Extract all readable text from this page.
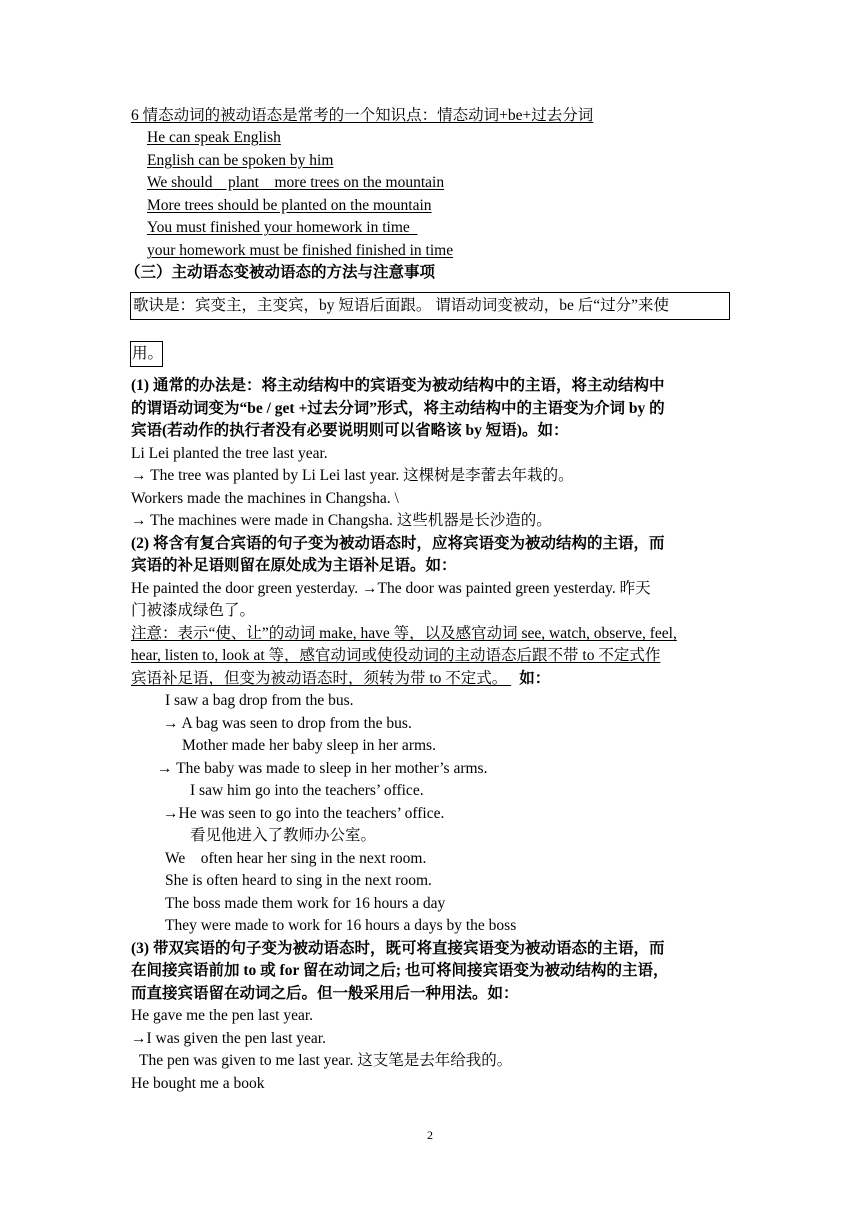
6 情态动词的被动语态是常考的一个知识点：情态动词+be+过去分词
He can speak English
English can be spoken by him
We should    plant    more trees on the mountain
More trees should be planted on the mountain
You must finished your homework in time
your homework must be finished finished in time
（三）主动语态变被动语态的方法与注意事项
歌诀是：宾变主，主变宾，by 短语后面跟。 谓语动词变被动，be 后“过分”来使
用。
(1) 通常的办法是：将主动结构中的宾语变为被动结构中的主语，将主动结构中
的谓语动词变为“be / get +过去分词”形式，将主动结构中的主语变为介词 by 的
宾语(若动作的执行者没有必要说明则可以省略该 by 短语)。如：
Li Lei planted the tree last year.
→ The tree was planted by Li Lei last year. 这棵树是李蕾去年栽的。
Workers made the machines in Changsha. \
→ The machines were made in Changsha. 这些机器是长沙造的。
(2) 将含有复合宾语的句子变为被动语态时，应将宾语变为被动结构的主语，而
宾语的补足语则留在原处成为主语补足语。如：
He painted the door green yesterday. →The door was painted green yesterday. 昨天
门被漆成绿色了。
注意：表示“使、让”的动词 make, have 等，以及感官动词 see, watch, observe, feel,
hear, listen to, look at 等，感官动词或使役动词的主动语态后跟不带 to 不定式作
宾语补足语，但变为被动语态时，须转为带 to 不定式。 如：
I saw a bag drop from the bus.
→ A bag was seen to drop from the bus.
Mother made her baby sleep in her arms.
→ The baby was made to sleep in her mother’s arms.
I saw him go into the teachers’ office.
→He was seen to go into the teachers’ office.
看见他进入了教师办公室。
We    often hear her sing in the next room.
She is often heard to sing in the next room.
The boss made them work for 16 hours a day
They were made to work for 16 hours a days by the boss
(3) 带双宾语的句子变为被动语态时，既可将直接宾语变为被动语态的主语，而
在间接宾语前加 to 或 for 留在动词之后; 也可将间接宾语变为被动结构的主语，
而直接宾语留在动词之后。但一般采用后一种用法。如：
He gave me the pen last year.
→I was given the pen last year.
The pen was given to me last year. 这支笔是去年给我的。
He bought me a book
2
